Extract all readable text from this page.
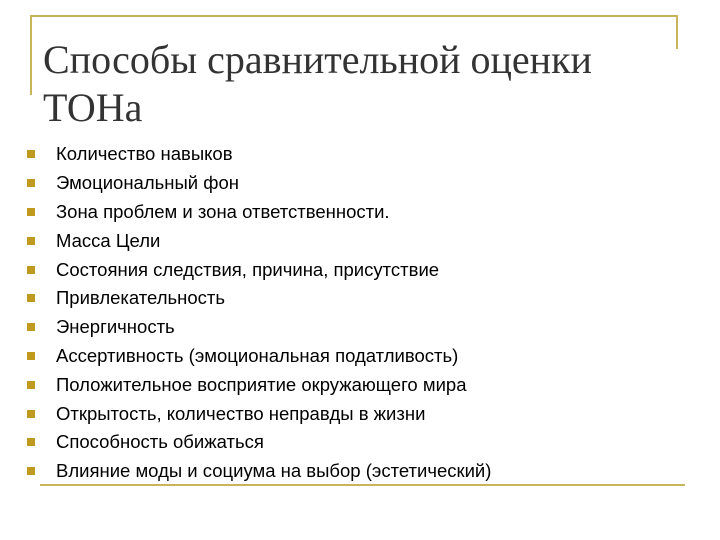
Способы сравнительной оценки ТОНа
Количество навыков
Эмоциональный фон
Зона проблем и зона ответственности.
Масса Цели
Состояния следствия, причина, присутствие
Привлекательность
Энергичность
Ассертивность (эмоциональная податливость)
Положительное восприятие окружающего мира
Открытость, количество неправды в жизни
Способность обижаться
Влияние моды и социума на выбор (эстетический)
